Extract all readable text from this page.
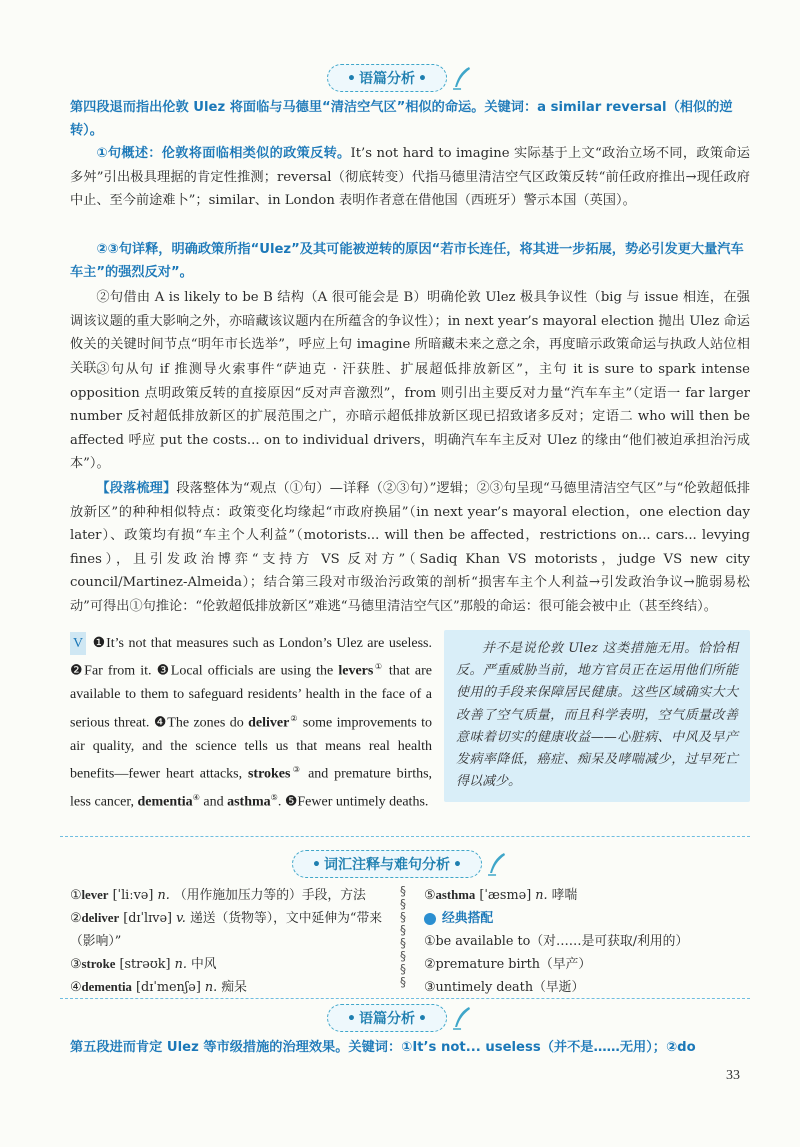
• 语篇分析 •
第四段退而指出伦敦 Ulez 将面临与马德里“清洁空气区”相似的命运。关键词：a similar reversal（相似的逆转）。
①句概述：伦敦将面临相类似的政策反转。It’s not hard to imagine 实际基于上文“政治立场不同，政策命运多舛”引出极具理据的肯定性推测；reversal（彻底转变）代指马德里清洁空气区政策反转“前任政府推出→现任政府中止、至今前途难卜”；similar、in London 表明作者意在借他国（西班牙）警示本国（英国）。
②③句详释，明确政策所指“Ulez”及其可能被逆转的原因“若市长连任，将其进一步拓展，势必引发更大量汽车车主”的强烈反对”。
②句借由 A is likely to be B 结构（A 很可能会是 B）明确伦敦 Ulez 极具争议性（big 与 issue 相连，在强调该议题的重大影响之外，亦暗藏该议题内在所蕴含的争议性）；in next year’s mayoral election 抛出 Ulez 命运攸关的关键时间节点“明年市长选举”，呼应上句 imagine 所暗藏未来之意之余，再度暗示政策命运与执政人站位相关联。
③句从句 if 推测导火索事件“萨迪克 · 汗获胜、扩展超低排放新区”，主句 it is sure to spark intense opposition 点明政策反转的直接原因“反对声音激烈”，from 则引出主要反对力量“汽车车主”（定语一 far larger number 反衬超低排放新区的扩展范围之广，亦暗示超低排放新区现已招致诸多反对；定语二 who will then be affected 呼应 put the costs... on to individual drivers，明确汽车车主反对 Ulez 的缘由“他们被迫承担治污成本”）。
【段落梳理】段落整体为“观点（①句）—详释（②③句）”逻辑；②③句呈现“马德里清洁空气区”与“伦敦超低排放新区”的种种相似特点：政策变化均缘起“市政府换届”（in next year’s mayoral election，one election day later）、政策均有损“车主个人利益”（motorists... will then be affected，restrictions on... cars... levying fines），且引发政治博弈“支持方 VS 反对方”（Sadiq Khan VS motorists，judge VS new city council/Martinez-Almeida）；结合第三段对市级治污政策的剖析“损害车主个人利益→引发政治争议→脆弱易松动”可得出①句推论：“伦敦超低排放新区”难逃“马德里清洁空气区”那般的命运：很可能会被中止（甚至终结）。
V ❶It’s not that measures such as London’s Ulez are useless. ❷Far from it. ❸Local officials are using the levers① that are available to them to safeguard residents’ health in the face of a serious threat. ❹The zones do deliver② some improvements to air quality, and the science tells us that means real health benefits—fewer heart attacks, strokes③ and premature births, less cancer, dementia④ and asthma⑤. ❺Fewer untimely deaths.
并不是说伦敦 Ulez 这类措施无用。恰恰相反。严重威胁当前，地方官员正在运用他们所能使用的手段来保障居民健康。这些区域确实大大改善了空气质量，而且科学表明，空气质量改善意味着切实的健康收益——心脏病、中风及早产发病率降低，癌症、痴呆及哮喘减少，过早死亡得以减少。
• 词汇注释与难句分析 •
①lever [ˈliːvə] n. （用作施加压力等的）手段，方法
②deliver [dɪˈlɪvə] v. 递送（货物等），文中延伸为“带来（影响）”
③stroke [strəʊk] n. 中风
④dementia [dɪˈmenʃə] n. 痴呆
§
§
§
§
§
§
§
§
⑤asthma [ˈæsmə] n. 哮喘
经典搭配
①be available to（对……是可获取/利用的）
②premature birth（早产）
③untimely death（早逝）
• 语篇分析 •
第五段进而肯定 Ulez 等市级措施的治理效果。关键词：①It’s not... useless（并不是……无用）；②do
33
